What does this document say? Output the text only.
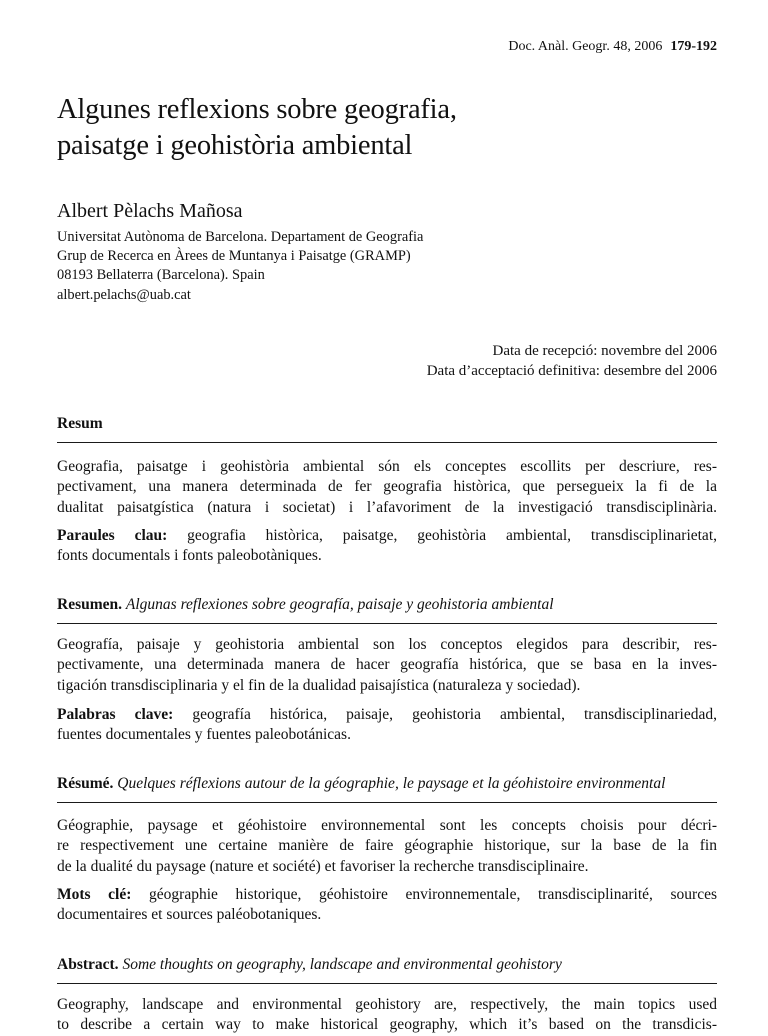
Doc. Anàl. Geogr. 48, 2006 179-192
Algunes reflexions sobre geografia,
paisatge i geohistòria ambiental
Albert Pèlachs Mañosa
Universitat Autònoma de Barcelona. Departament de Geografia
Grup de Recerca en Àrees de Muntanya i Paisatge (GRAMP)
08193 Bellaterra (Barcelona). Spain
albert.pelachs@uab.cat
Data de recepció: novembre del 2006
Data d’acceptació definitiva: desembre del 2006
Resum
Geografia, paisatge i geohistòria ambiental són els conceptes escollits per descriure, res-
pectivament, una manera determinada de fer geografia històrica, que persegueix la fi de la
dualitat paisatgística (natura i societat) i l’afavoriment de la investigació transdisciplinària.
Paraules clau: geografia històrica, paisatge, geohistòria ambiental, transdisciplinarietat,
fonts documentals i fonts paleobotàniques.
Resumen. Algunas reflexiones sobre geografía, paisaje y geohistoria ambiental
Geografía, paisaje y geohistoria ambiental son los conceptos elegidos para describir, res-
pectivamente, una determinada manera de hacer geografía histórica, que se basa en la inves-
tigación transdisciplinaria y el fin de la dualidad paisajística (naturaleza y sociedad).
Palabras clave: geografía histórica, paisaje, geohistoria ambiental, transdisciplinariedad,
fuentes documentales y fuentes paleobotánicas.
Résumé. Quelques réflexions autour de la géographie, le paysage et la géohistoire environmental
Géographie, paysage et géohistoire environnemental sont les concepts choisis pour décri-
re respectivement une certaine manière de faire géographie historique, sur la base de la fin
de la dualité du paysage (nature et société) et favoriser la recherche transdisciplinaire.
Mots clé: géographie historique, géohistoire environnementale, transdisciplinarité, sources
documentaires et sources paléobotaniques.
Abstract. Some thoughts on geography, landscape and environmental geohistory
Geography, landscape and environmental geohistory are, respectively, the main topics used
to describe a certain way to make historical geography, which it’s based on the transdicis-
